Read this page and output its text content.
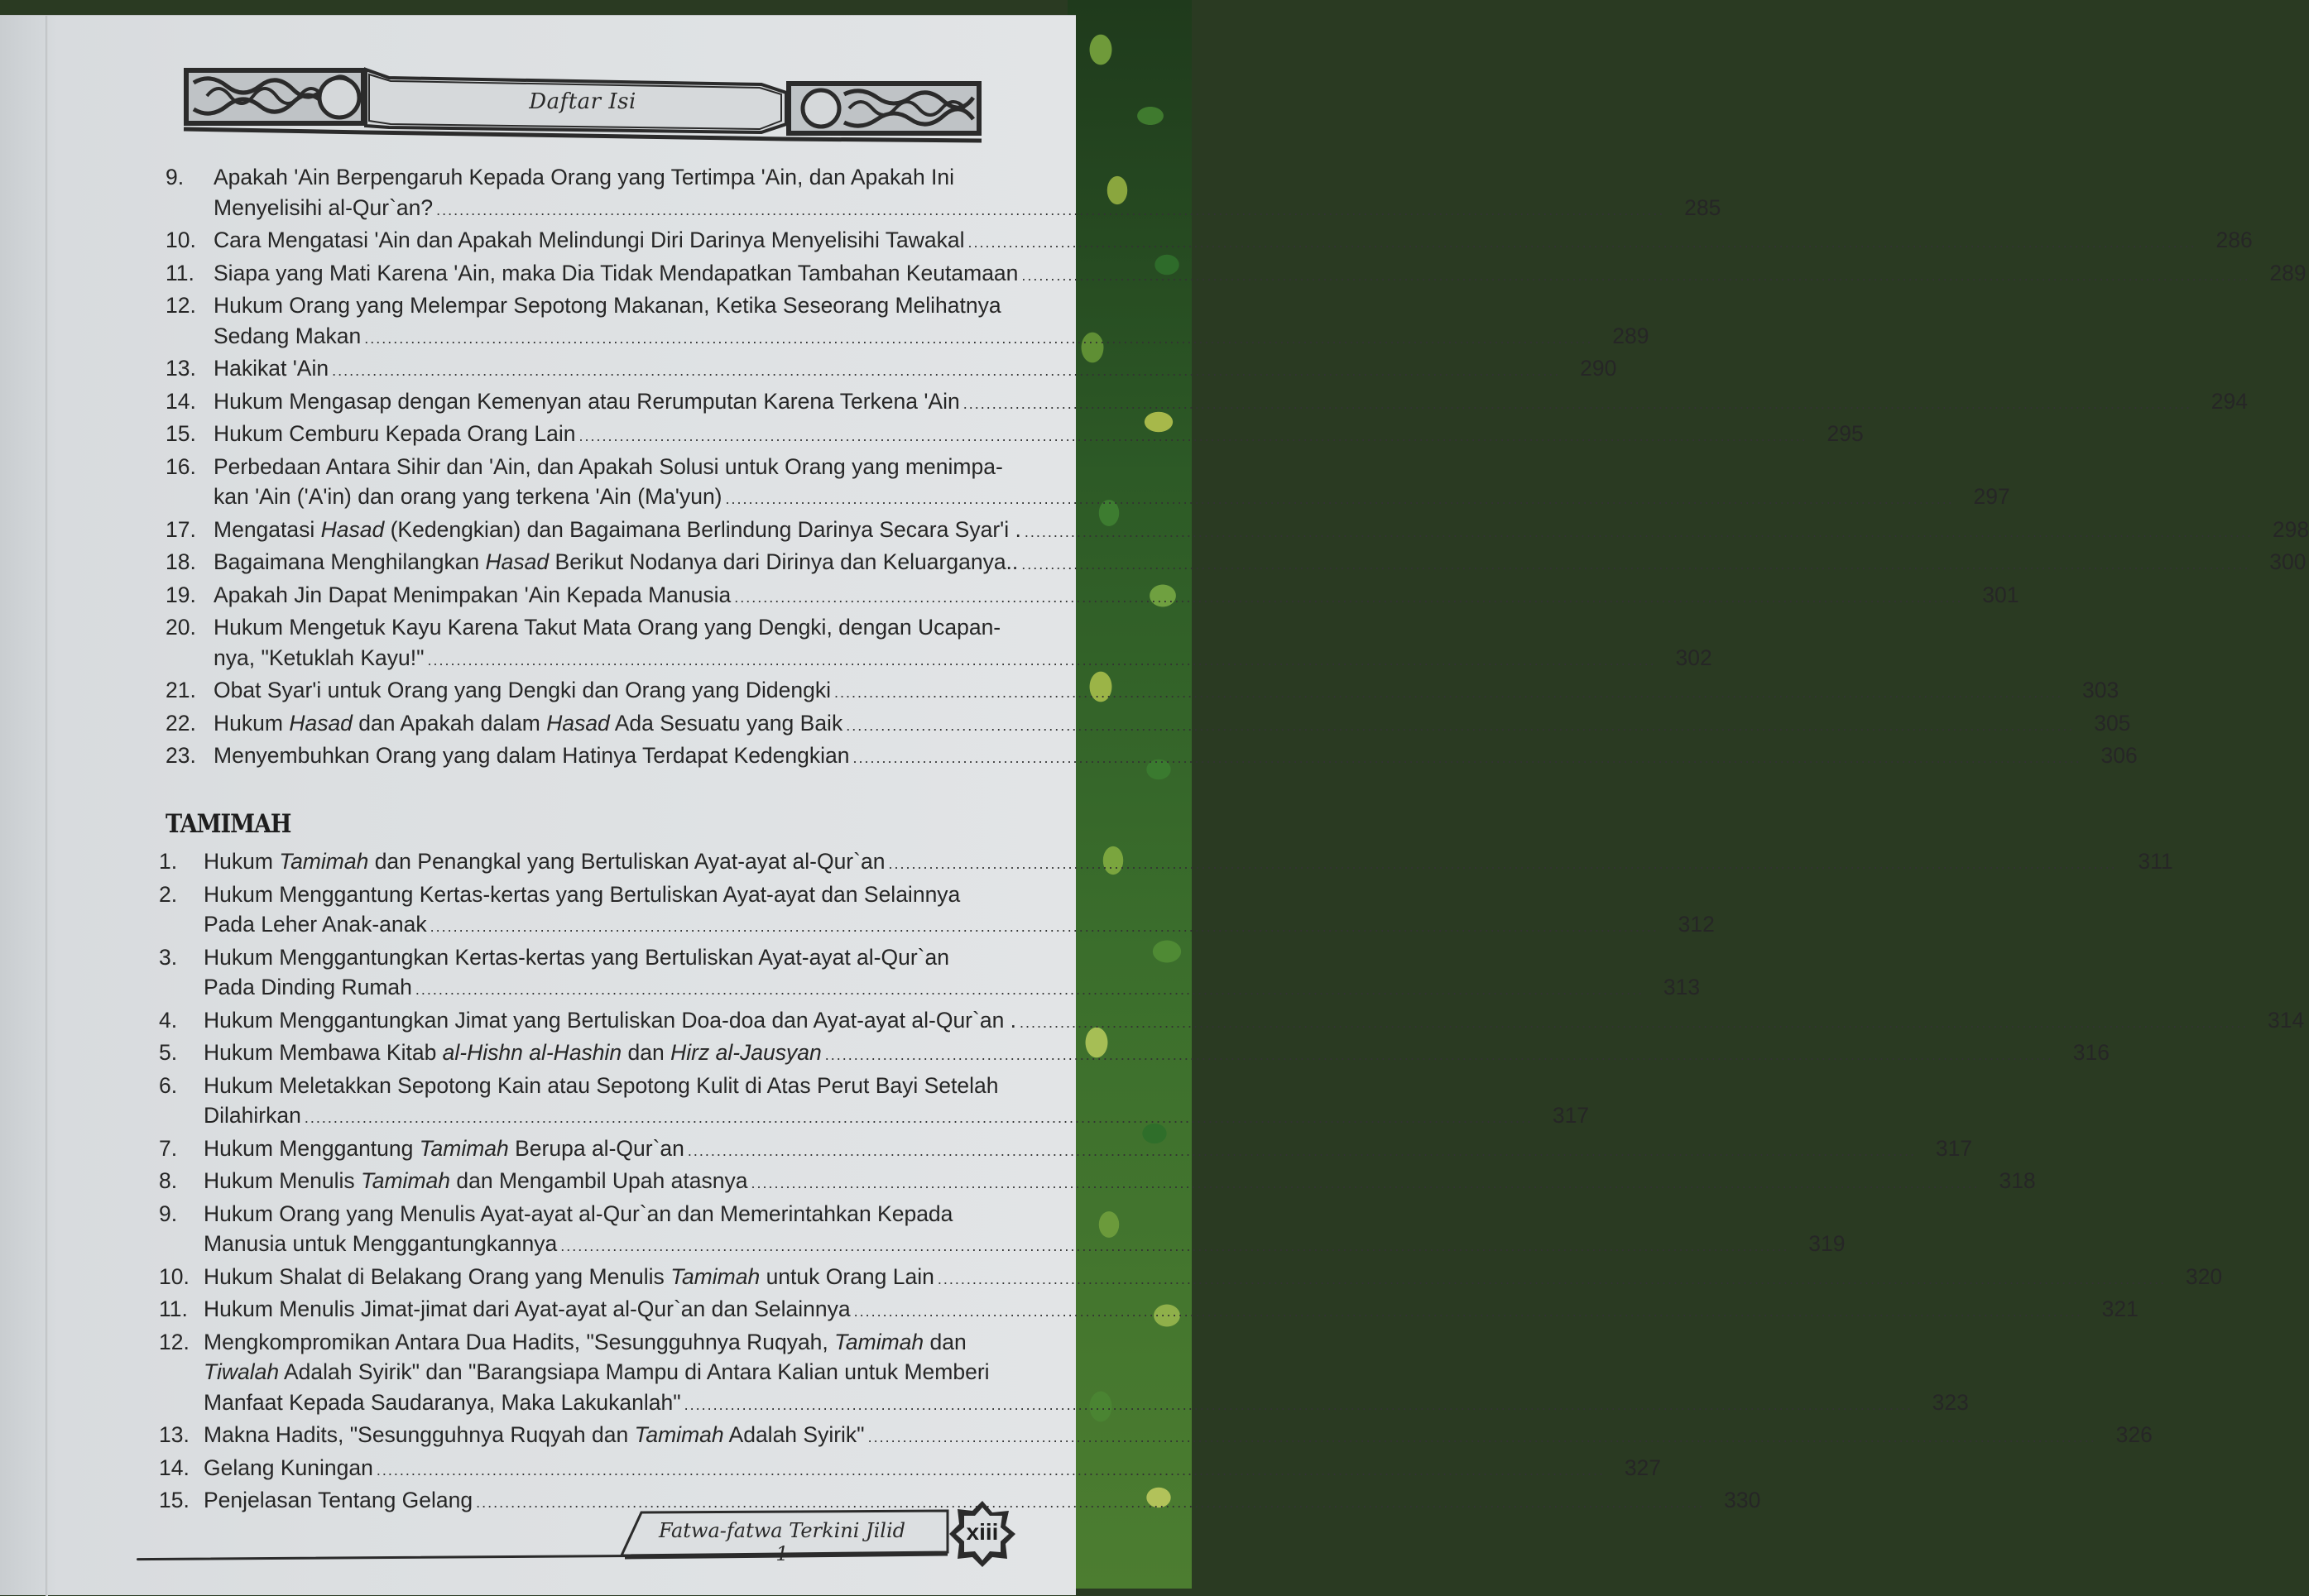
Daftar Isi
9.	Apakah 'Ain Berpengaruh Kepada Orang yang Tertimpa 'Ain, dan Apakah Ini
Menyelisihi al-Qur`an? .....	285
10. Cara Mengatasi 'Ain dan Apakah Melindungi Diri Darinya Menyelisihi Tawakal .....	286
11. Siapa yang Mati Karena 'Ain, maka Dia Tidak Mendapatkan Tambahan Keutamaan .....	289
12. Hukum Orang yang Melempar Sepotong Makanan, Ketika Seseorang Melihatnya
Sedang Makan .....	289
13. Hakikat 'Ain .....	290
14. Hukum Mengasap dengan Kemenyan atau Rerumputan Karena Terkena 'Ain .....	294
15. Hukum Cemburu Kepada Orang Lain .....	295
16. Perbedaan Antara Sihir dan 'Ain, dan Apakah Solusi untuk Orang yang menimpa-
kan 'Ain ('A'in) dan orang yang terkena 'Ain (Ma'yun) .....	297
17. Mengatasi Hasad (Kedengkian) dan Bagaimana Berlindung Darinya Secara Syar'i . .....	298
18. Bagaimana Menghilangkan Hasad Berikut Nodanya dari Dirinya dan Keluarganya.. .....	300
19. Apakah Jin Dapat Menimpakan 'Ain Kepada Manusia .....	301
20. Hukum Mengetuk Kayu Karena Takut Mata Orang yang Dengki, dengan Ucapan-
nya, "Ketuklah Kayu!" .....	302
21. Obat Syar'i untuk Orang yang Dengki dan Orang yang Didengki .....	303
22. Hukum Hasad dan Apakah dalam Hasad Ada Sesuatu yang Baik .....	305
23. Menyembuhkan Orang yang dalam Hatinya Terdapat Kedengkian .....	306
TAMIMAH
1.	Hukum Tamimah dan Penangkal yang Bertuliskan Ayat-ayat al-Qur`an .....	311
2.	Hukum Menggantung Kertas-kertas yang Bertuliskan Ayat-ayat dan Selainnya
Pada Leher Anak-anak .....	312
3.	Hukum Menggantungkan Kertas-kertas yang Bertuliskan Ayat-ayat al-Qur`an
Pada Dinding Rumah .....	313
4.	Hukum Menggantungkan Jimat yang Bertuliskan Doa-doa dan Ayat-ayat al-Qur`an . .....	314
5.	Hukum Membawa Kitab al-Hishn al-Hashin dan Hirz al-Jausyan .....	316
6.	Hukum Meletakkan Sepotong Kain atau Sepotong Kulit di Atas Perut Bayi Setelah
Dilahirkan .....	317
7.	Hukum Menggantung Tamimah Berupa al-Qur`an .....	317
8.	Hukum Menulis Tamimah dan Mengambil Upah atasnya .....	318
9.	Hukum Orang yang Menulis Ayat-ayat al-Qur`an dan Memerintahkan Kepada
Manusia untuk Menggantungkannya .....	319
10. Hukum Shalat di Belakang Orang yang Menulis Tamimah untuk Orang Lain .....	320
11. Hukum Menulis Jimat-jimat dari Ayat-ayat al-Qur`an dan Selainnya .....	321
12. Mengkompromikan Antara Dua Hadits, "Sesungguhnya Ruqyah, Tamimah dan
Tiwalah Adalah Syirik" dan "Barangsiapa Mampu di Antara Kalian untuk Memberi
Manfaat Kepada Saudaranya, Maka Lakukanlah" .....	323
13. Makna Hadits, "Sesungguhnya Ruqyah dan Tamimah Adalah Syirik" .....	326
14. Gelang Kuningan .....	327
15. Penjelasan Tentang Gelang .....	330
Fatwa-fatwa Terkini Jilid 1
xiii
